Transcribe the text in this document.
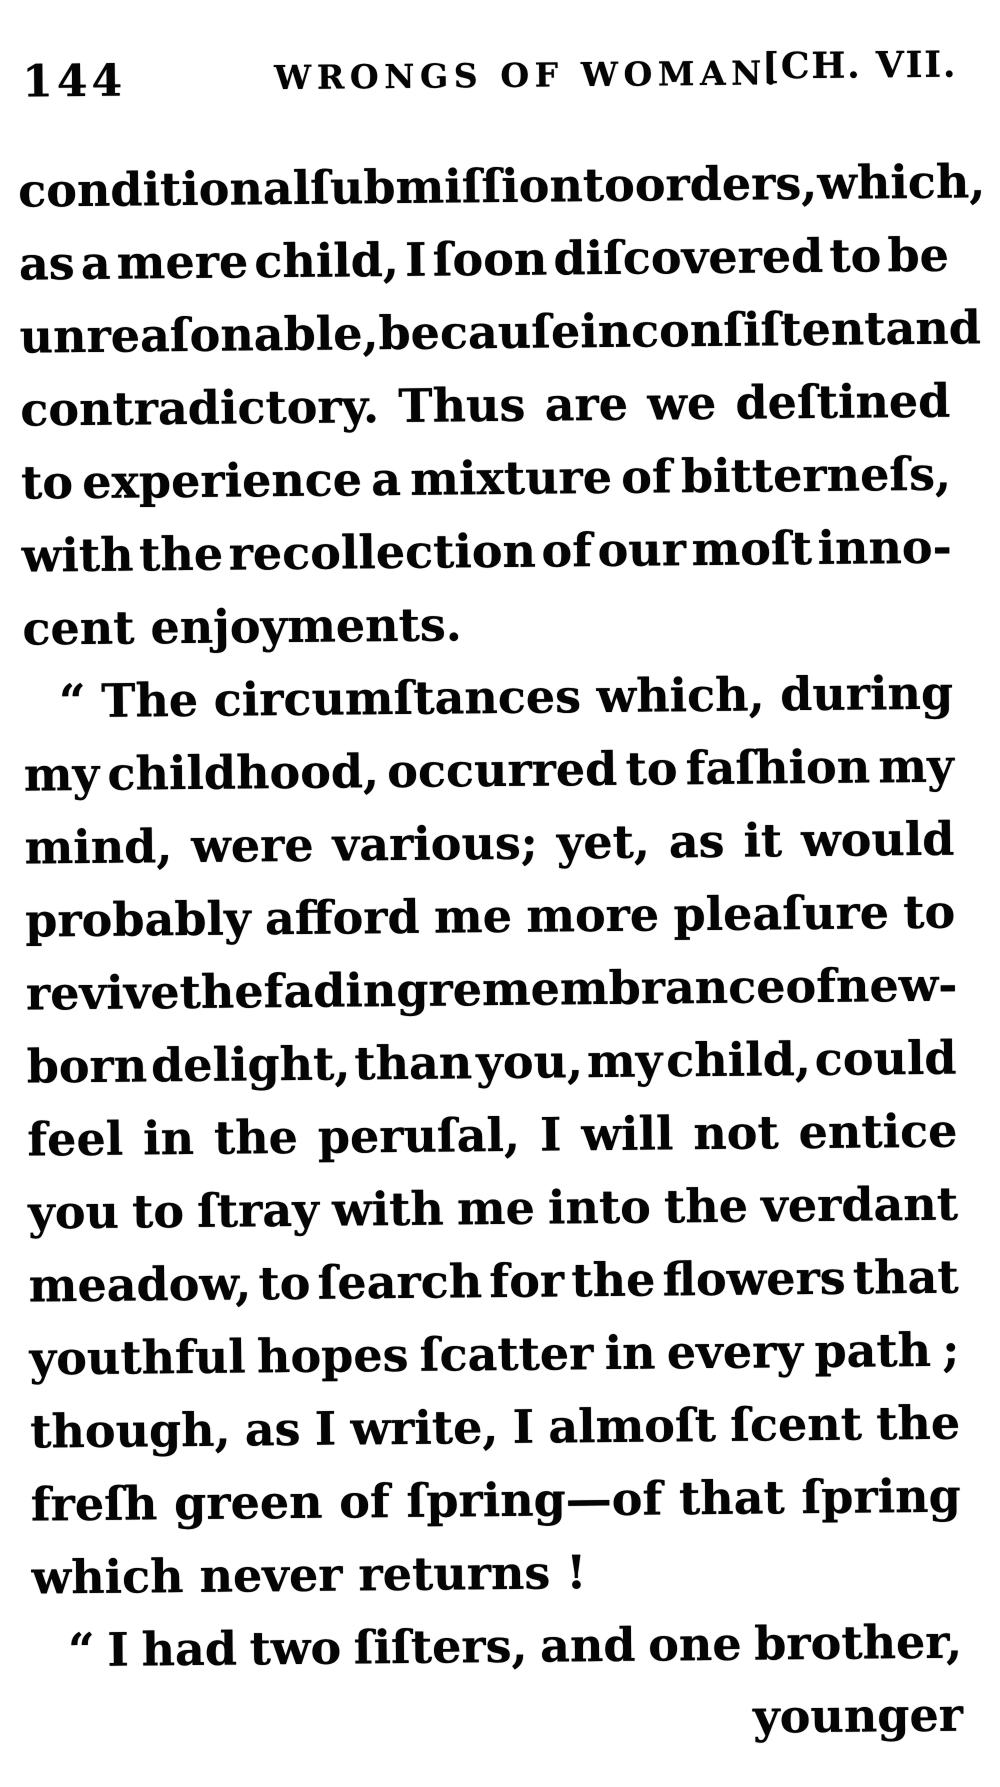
144	WRONGS OF WOMAN.
[CH. VII.
conditional ſubmiſſion to orders, which,
as a mere child, I ſoon diſcovered to be
unreaſonable, becauſe inconſiſtent and
contradictory. Thus are we deſtined
to experience a mixture of bitterneſs,
with the recollection of our moſt inno-
cent enjoyments.
“ The circumſtances which, during
my childhood, occurred to faſhion my
mind, were various; yet, as it would
probably afford me more pleaſure to
revive the fading remembrance of new-
born delight, than you, my child, could
feel in the peruſal, I will not entice
you to ſtray with me into the verdant
meadow, to ſearch for the flowers that
youthful hopes ſcatter in every path ;
though, as I write, I almoſt ſcent the
freſh green of ſpring—of that ſpring
which never returns !
“ I had two ſiſters, and one brother,
younger
